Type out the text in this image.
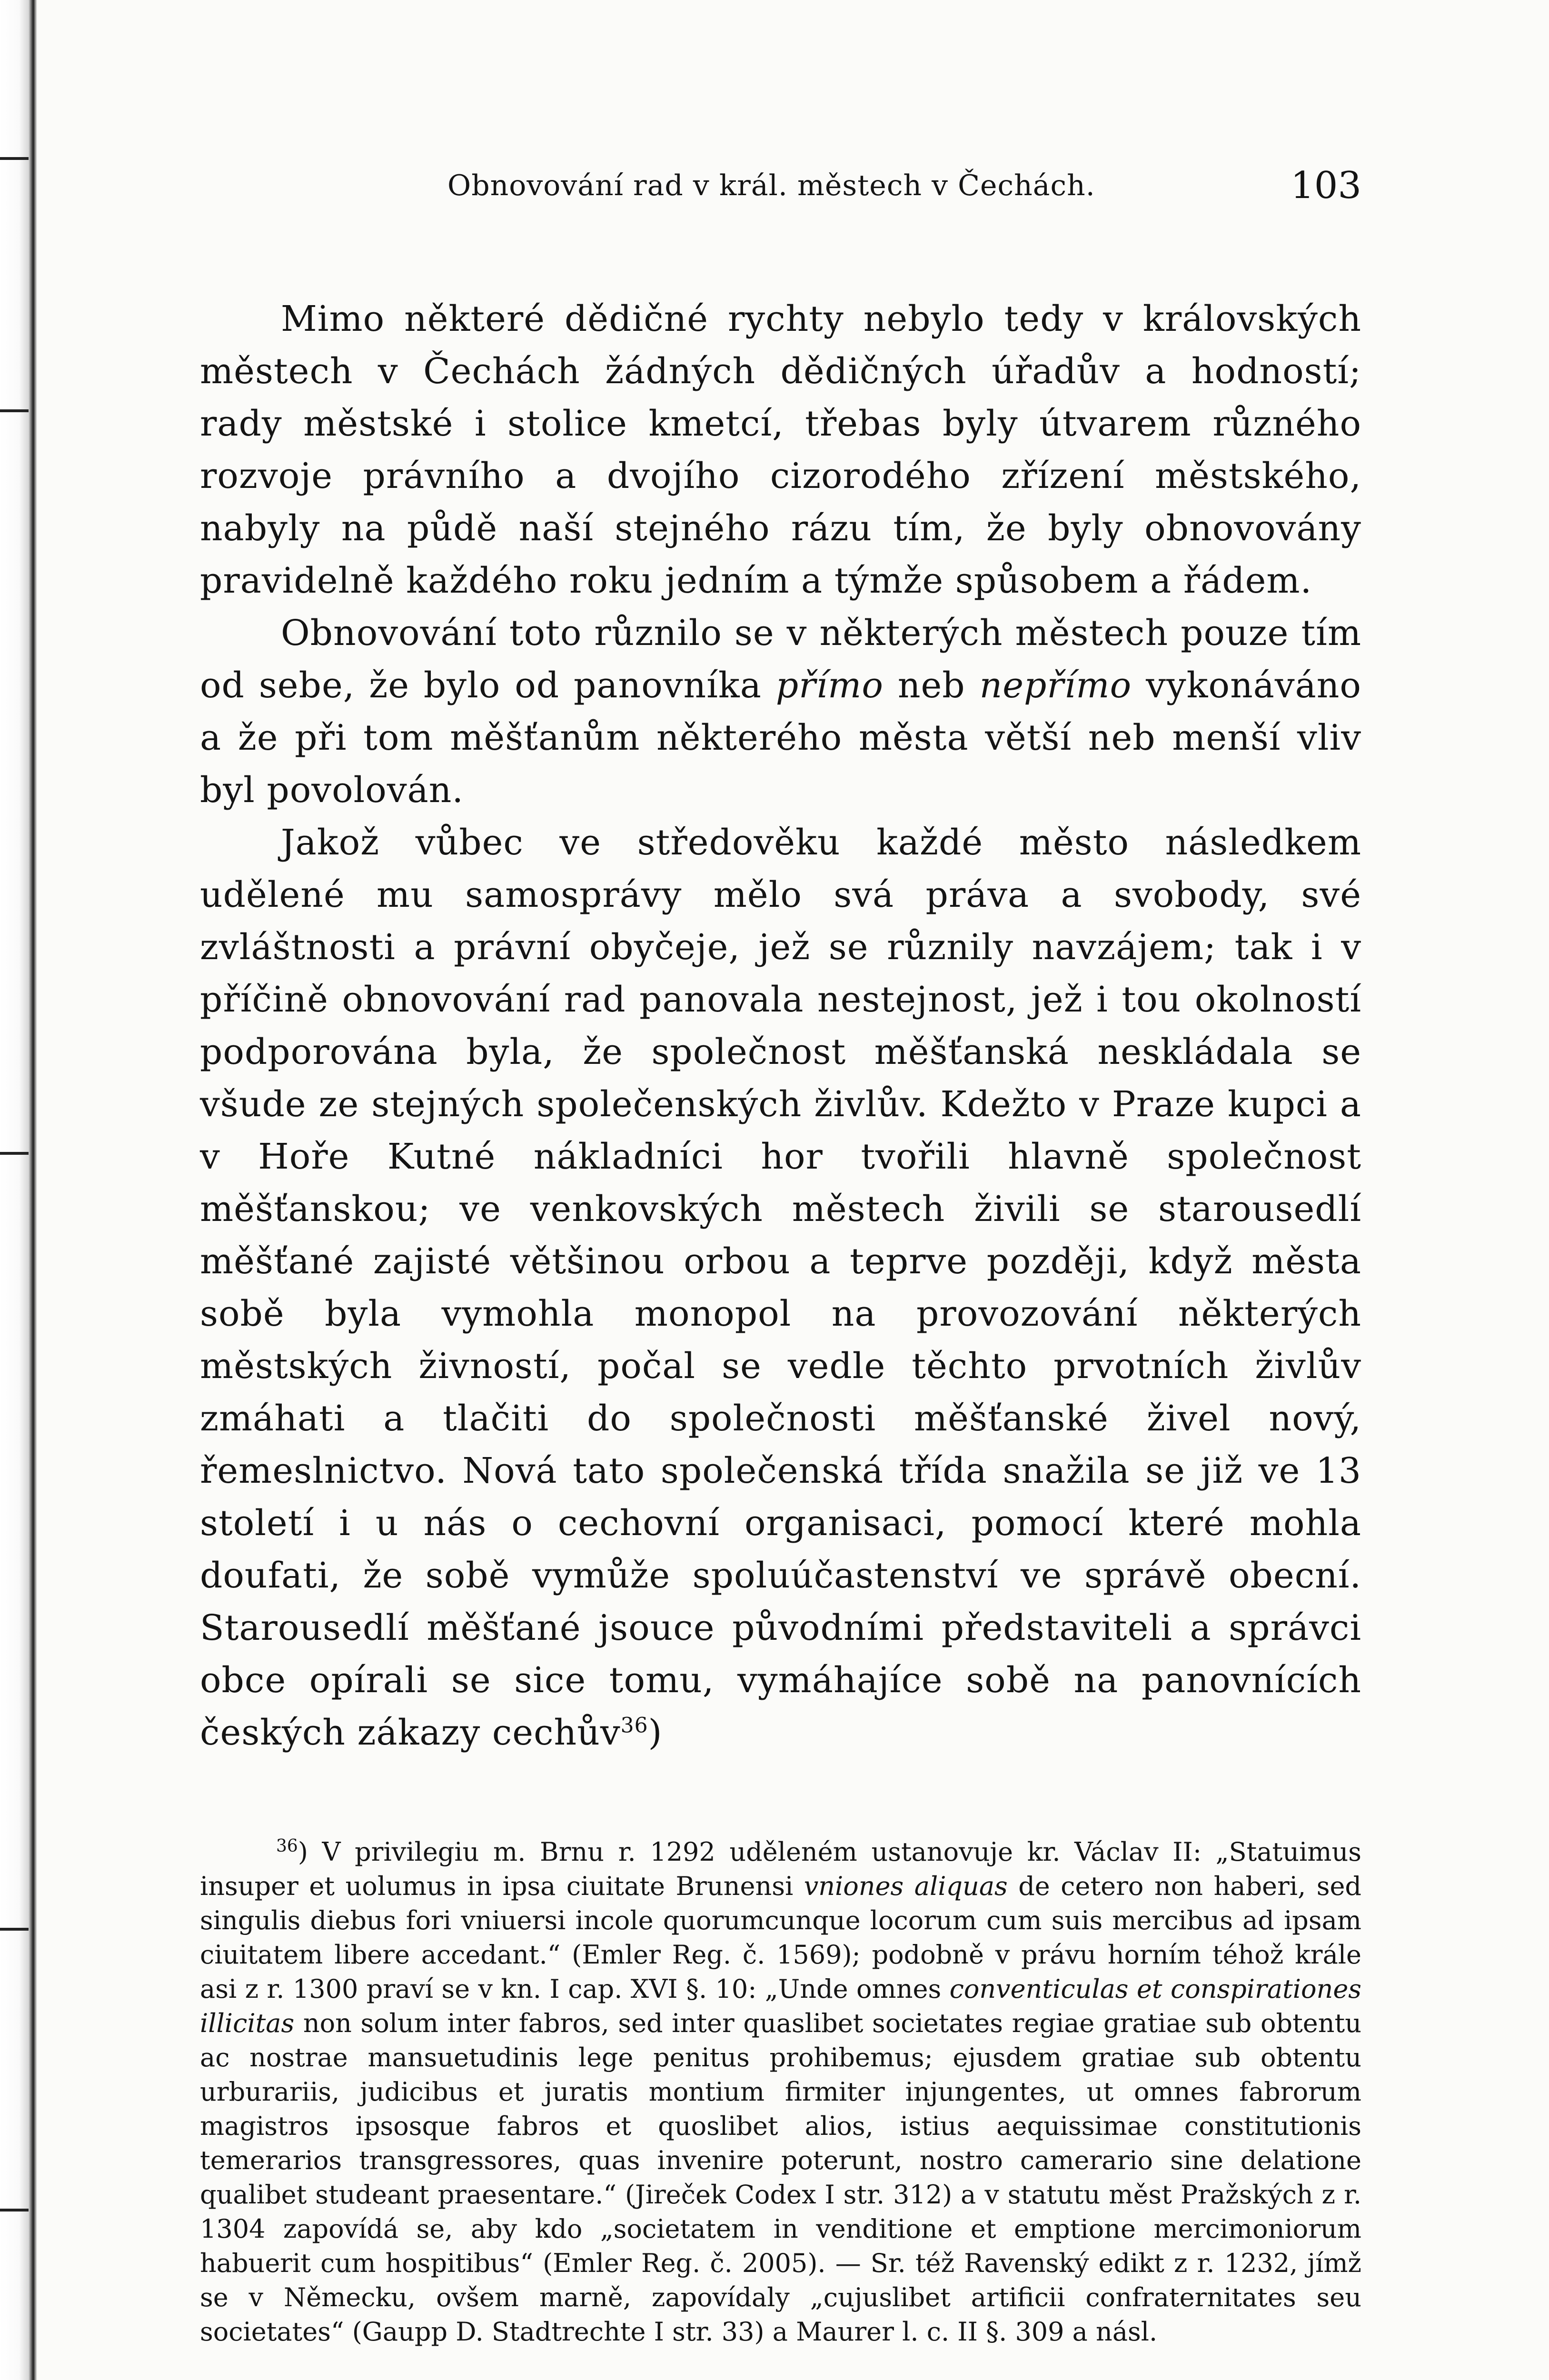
Obnovování rad v král. městech v Čechách.	103

Mimo některé dědičné rychty nebylo tedy v královských městech v Čechách žádných dědičných úřadův a hodností; rady městské i stolice kmetcí, třebas byly útvarem různého rozvoje právního a dvojího cizorodého zřízení městského, nabyly na půdě naší stejného rázu tím, že byly obnovovány pravidelně každého roku jedním a týmže spůsobem a řádem.

Obnovování toto různilo se v některých městech pouze tím od sebe, že bylo od panovníka přímo neb nepřímo vykonáváno a že při tom měšťanům některého města větší neb menší vliv byl povolován.

Jakož vůbec ve středověku každé město následkem udělené mu samosprávy mělo svá práva a svobody, své zvláštnosti a právní obyčeje, jež se různily navzájem; tak i v příčině obnovování rad panovala nestejnost, jež i tou okolností podporována byla, že společnost měšťanská neskládala se všude ze stejných společenských živlův. Kdežto v Praze kupci a v Hoře Kutné nákladníci hor tvořili hlavně společnost měšťanskou; ve venkovských městech živili se starousedlí měšťané zajisté většinou orbou a teprve později, když města sobě byla vymohla monopol na provozování některých městských živností, počal se vedle těchto prvotních živlův zmáhati a tlačiti do společnosti měšťanské živel nový, řemeslnictvo. Nová tato společenská třída snažila se již ve 13 století i u nás o cechovní organisaci, pomocí které mohla doufati, že sobě vymůže spoluúčastenství ve správě obecní. Starousedlí měšťané jsouce původními představiteli a správci obce opírali se sice tomu, vymáhajíce sobě na panovnících českých zákazy cechův$^{36}$)

$^{36}$) V privilegiu m. Brnu r. 1292 uděleném ustanovuje kr. Václav II: „Statuimus insuper et uolumus in ipsa ciuitate Brunensi vniones aliquas de cetero non haberi, sed singulis diebus fori vniuersi incole quorumcunque locorum cum suis mercibus ad ipsam ciuitatem libere accedant.“ (Emler Reg. č. 1569); podobně v právu horním téhož krále asi z r. 1300 praví se v kn. I cap. XVI §. 10: „Unde omnes conventiculas et conspirationes illicitas non solum inter fabros, sed inter quaslibet societates regiae gratiae sub obtentu ac nostrae mansuetudinis lege penitus prohibemus; ejusdem gratiae sub obtentu urburariis, judicibus et juratis montium firmiter injungentes, ut omnes fabrorum magistros ipsosque fabros et quoslibet alios, istius aequissimae constitutionis temerarios transgressores, quas invenire poterunt, nostro camerario sine delatione qualibet studeant praesentare.“ (Jireček Codex I str. 312) a v statutu měst Pražských z r. 1304 zapovídá se, aby kdo „societatem in venditione et emptione mercimoniorum habuerit cum hospitibus“ (Emler Reg. č. 2005). — Sr. též Ravenský edikt z r. 1232, jímž se v Německu, ovšem marně, zapovídaly „cujuslibet artificii confraternitates seu societates“ (Gaupp D. Stadtrechte I str. 33) a Maurer l. c. II §. 309 a násl.
